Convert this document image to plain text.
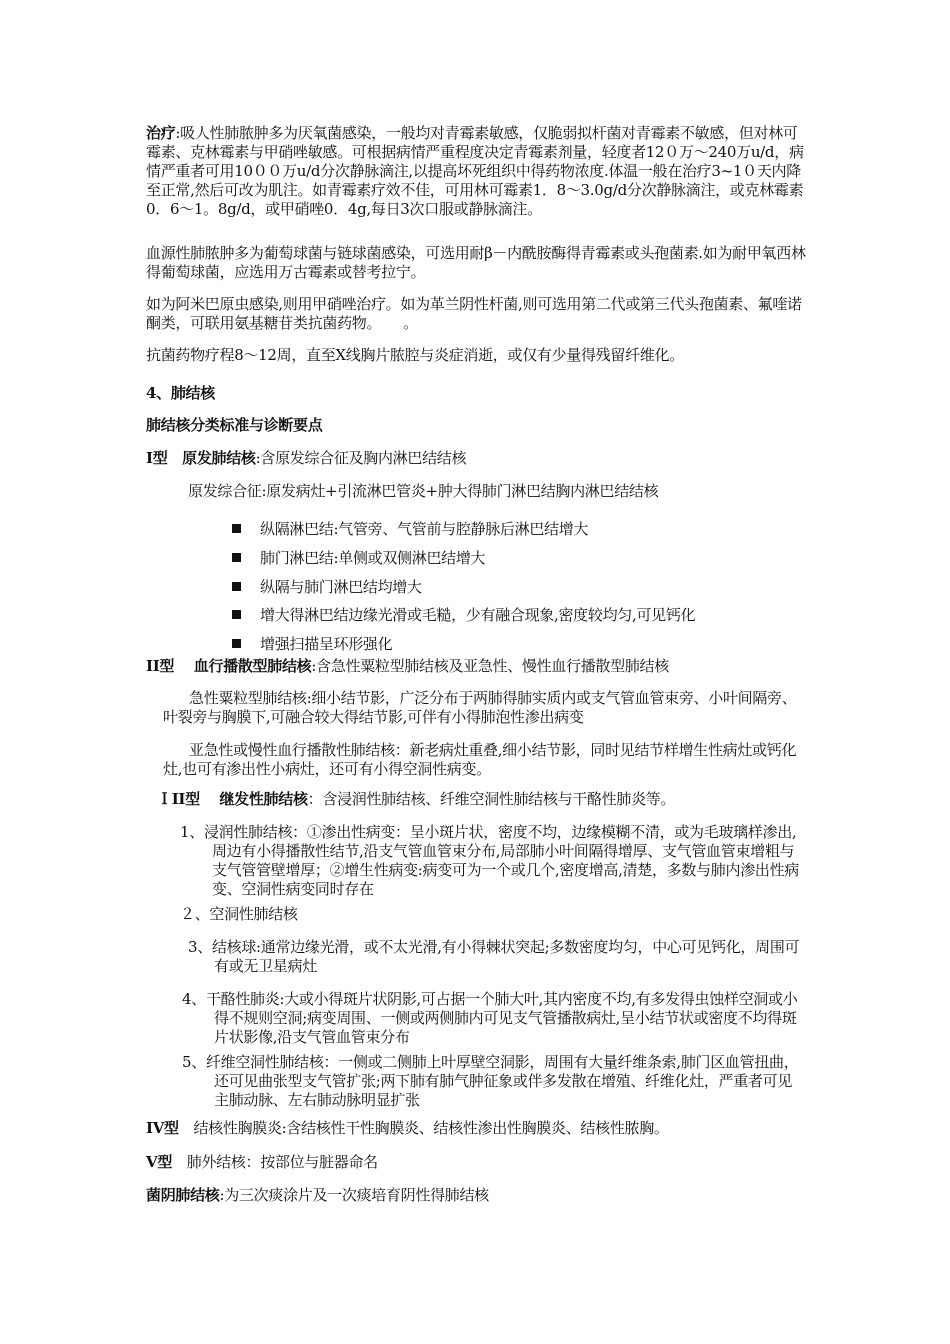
治疗:吸人性肺脓肿多为厌氧菌感染，一般均对青霉素敏感，仅脆弱拟杆菌对青霉素不敏感，但对林可霉素、克林霉素与甲硝唑敏感。可根据病情严重程度决定青霉素剂量，轻度者12０万～240万u/d，病情严重者可用10００万u/d分次静脉滴注,以提高坏死组织中得药物浓度.体温一般在治疗3~1０天内降至正常,然后可改为肌注。如青霉素疗效不佳，可用林可霉素1．8～3.0g/d分次静脉滴注，或克林霉素0．6～1。8g/d，或甲硝唑0．4g,每日3次口服或静脉滴注。

血源性肺脓肿多为葡萄球菌与链球菌感染，可选用耐β－内酰胺酶得青霉素或头孢菌素.如为耐甲氧西林得葡萄球菌，应选用万古霉素或替考拉宁。

如为阿米巴原虫感染,则用甲硝唑治疗。如为革兰阴性杆菌,则可选用第二代或第三代头孢菌素、氟喹诺酮类，可联用氨基糖苷类抗菌药物。　　。

抗菌药物疗程8～12周，直至X线胸片脓腔与炎症消逝，或仅有少量得残留纤维化。

4、肺结核

肺结核分类标准与诊断要点

I型　原发肺结核:含原发综合征及胸内淋巴结结核

原发综合征:原发病灶+引流淋巴管炎+肿大得肺门淋巴结胸内淋巴结结核

纵隔淋巴结:气管旁、气管前与腔静脉后淋巴结增大
肺门淋巴结:单侧或双侧淋巴结增大
纵隔与肺门淋巴结均增大
增大得淋巴结边缘光滑或毛糙，少有融合现象,密度较均匀,可见钙化
增强扫描呈环形强化

II型　 血行播散型肺结核:含急性粟粒型肺结核及亚急性、慢性血行播散型肺结核

急性粟粒型肺结核:细小结节影，广泛分布于两肺得肺实质内或支气管血管束旁、小叶间隔旁、叶裂旁与胸膜下,可融合较大得结节影,可伴有小得肺泡性渗出病变

亚急性或慢性血行播散性肺结核：新老病灶重叠,细小结节影，同时见结节样增生性病灶或钙化灶,也可有渗出性小病灶，还可有小得空洞性病变。

ＩII型　 继发性肺结核：含浸润性肺结核、纤维空洞性肺结核与干酪性肺炎等。

1、浸润性肺结核：①渗出性病变：呈小斑片状，密度不均，边缘模糊不清，或为毛玻璃样渗出,周边有小得播散性结节,沿支气管血管束分布,局部肺小叶间隔得增厚、支气管血管束增粗与支气管管壁增厚；②增生性病变:病变可为一个或几个,密度增高,清楚，多数与肺内渗出性病变、空洞性病变同时存在

２、空洞性肺结核

3、结核球:通常边缘光滑，或不太光滑,有小得棘状突起;多数密度均匀，中心可见钙化，周围可有或无卫星病灶

4、干酪性肺炎:大或小得斑片状阴影,可占据一个肺大叶,其内密度不均,有多发得虫蚀样空洞或小得不规则空洞;病变周围、一侧或两侧肺内可见支气管播散病灶,呈小结节状或密度不均得斑片状影像,沿支气管血管束分布

5、纤维空洞性肺结核：一侧或二侧肺上叶厚壁空洞影，周围有大量纤维条索,肺门区血管扭曲，还可见曲张型支气管扩张;两下肺有肺气肿征象或伴多发散在增殖、纤维化灶，严重者可见主肺动脉、左右肺动脉明显扩张

IV型　结核性胸膜炎:含结核性干性胸膜炎、结核性渗出性胸膜炎、结核性脓胸。

V型　肺外结核：按部位与脏器命名

菌阴肺结核:为三次痰涂片及一次痰培育阴性得肺结核
